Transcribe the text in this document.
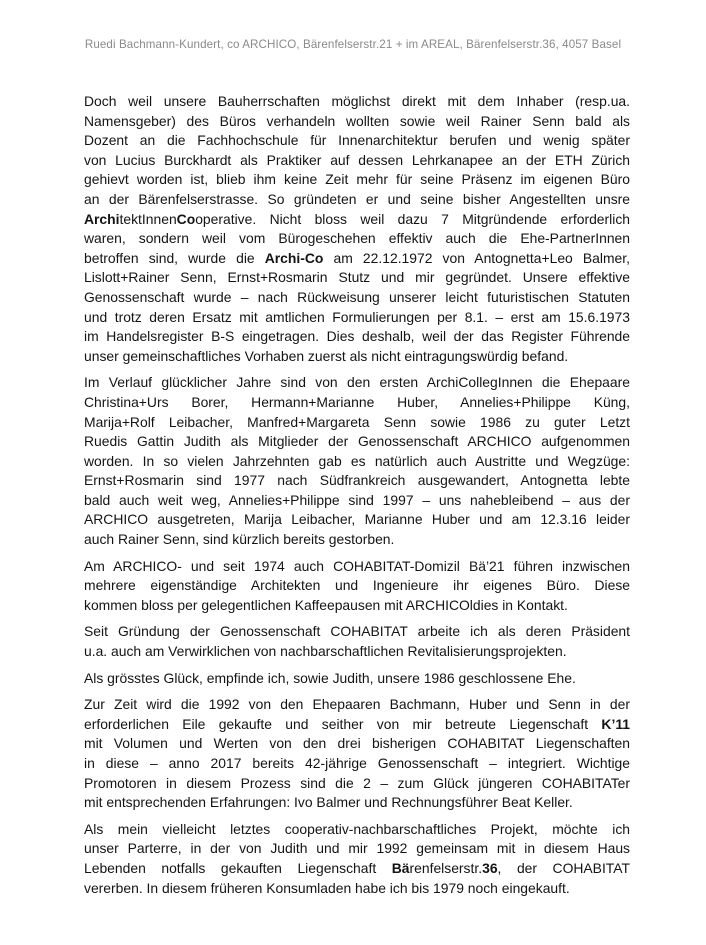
Ruedi Bachmann-Kundert, co ARCHICO, Bärenfelserstr.21 + im AREAL, Bärenfelserstr.36, 4057 Basel

Doch weil unsere Bauherrschaften möglichst direkt mit dem Inhaber (resp.ua.
Namensgeber) des Büros verhandeln wollten sowie weil Rainer Senn bald als
Dozent an die Fachhochschule für Innenarchitektur berufen und wenig später
von Lucius Burckhardt als Praktiker auf dessen Lehrkanapee an der ETH Zürich
gehievt worden ist, blieb ihm keine Zeit mehr für seine Präsenz im eigenen Büro
an der Bärenfelserstrasse. So gründeten er und seine bisher Angestellten unsre
ArchitektInnenCooperative. Nicht bloss weil dazu 7 Mitgründende erforderlich
waren, sondern weil vom Bürogeschehen effektiv auch die Ehe-PartnerInnen
betroffen sind, wurde die Archi-Co am 22.12.1972 von Antognetta+Leo Balmer,
Lislott+Rainer Senn, Ernst+Rosmarin Stutz und mir gegründet. Unsere effektive
Genossenschaft wurde – nach Rückweisung unserer leicht futuristischen Statuten
und trotz deren Ersatz mit amtlichen Formulierungen per 8.1. – erst am 15.6.1973
im Handelsregister B-S eingetragen. Dies deshalb, weil der das Register Führende
unser gemeinschaftliches Vorhaben zuerst als nicht eintragungswürdig befand.

Im Verlauf glücklicher Jahre sind von den ersten ArchiCollegInnen die Ehepaare
Christina+Urs Borer, Hermann+Marianne Huber, Annelies+Philippe Küng,
Marija+Rolf Leibacher, Manfred+Margareta Senn sowie 1986 zu guter Letzt
Ruedis Gattin Judith als Mitglieder der Genossenschaft ARCHICO aufgenommen
worden. In so vielen Jahrzehnten gab es natürlich auch Austritte und Wegzüge:
Ernst+Rosmarin sind 1977 nach Südfrankreich ausgewandert, Antognetta lebte
bald auch weit weg, Annelies+Philippe sind 1997 – uns nahebleibend – aus der
ARCHICO ausgetreten, Marija Leibacher, Marianne Huber und am 12.3.16 leider
auch Rainer Senn, sind kürzlich bereits gestorben.

Am ARCHICO- und seit 1974 auch COHABITAT-Domizil Bä’21 führen inzwischen
mehrere eigenständige Architekten und Ingenieure ihr eigenes Büro. Diese
kommen bloss per gelegentlichen Kaffeepausen mit ARCHICOldies in Kontakt.

Seit Gründung der Genossenschaft COHABITAT arbeite ich als deren Präsident
u.a. auch am Verwirklichen von nachbarschaftlichen Revitalisierungsprojekten.

Als grösstes Glück, empfinde ich, sowie Judith, unsere 1986 geschlossene Ehe.

Zur Zeit wird die 1992 von den Ehepaaren Bachmann, Huber und Senn in der
erforderlichen Eile gekaufte und seither von mir betreute Liegenschaft K’11
mit Volumen und Werten von den drei bisherigen COHABITAT Liegenschaften
in diese – anno 2017 bereits 42-jährige Genossenschaft – integriert. Wichtige
Promotoren in diesem Prozess sind die 2 – zum Glück jüngeren COHABITATer
mit entsprechenden Erfahrungen: Ivo Balmer und Rechnungsführer Beat Keller.

Als mein vielleicht letztes cooperativ-nachbarschaftliches Projekt, möchte ich
unser Parterre, in der von Judith und mir 1992 gemeinsam mit in diesem Haus
Lebenden notfalls gekauften Liegenschaft Bärenfelserstr.36, der COHABITAT
vererben. In diesem früheren Konsumladen habe ich bis 1979 noch eingekauft.
